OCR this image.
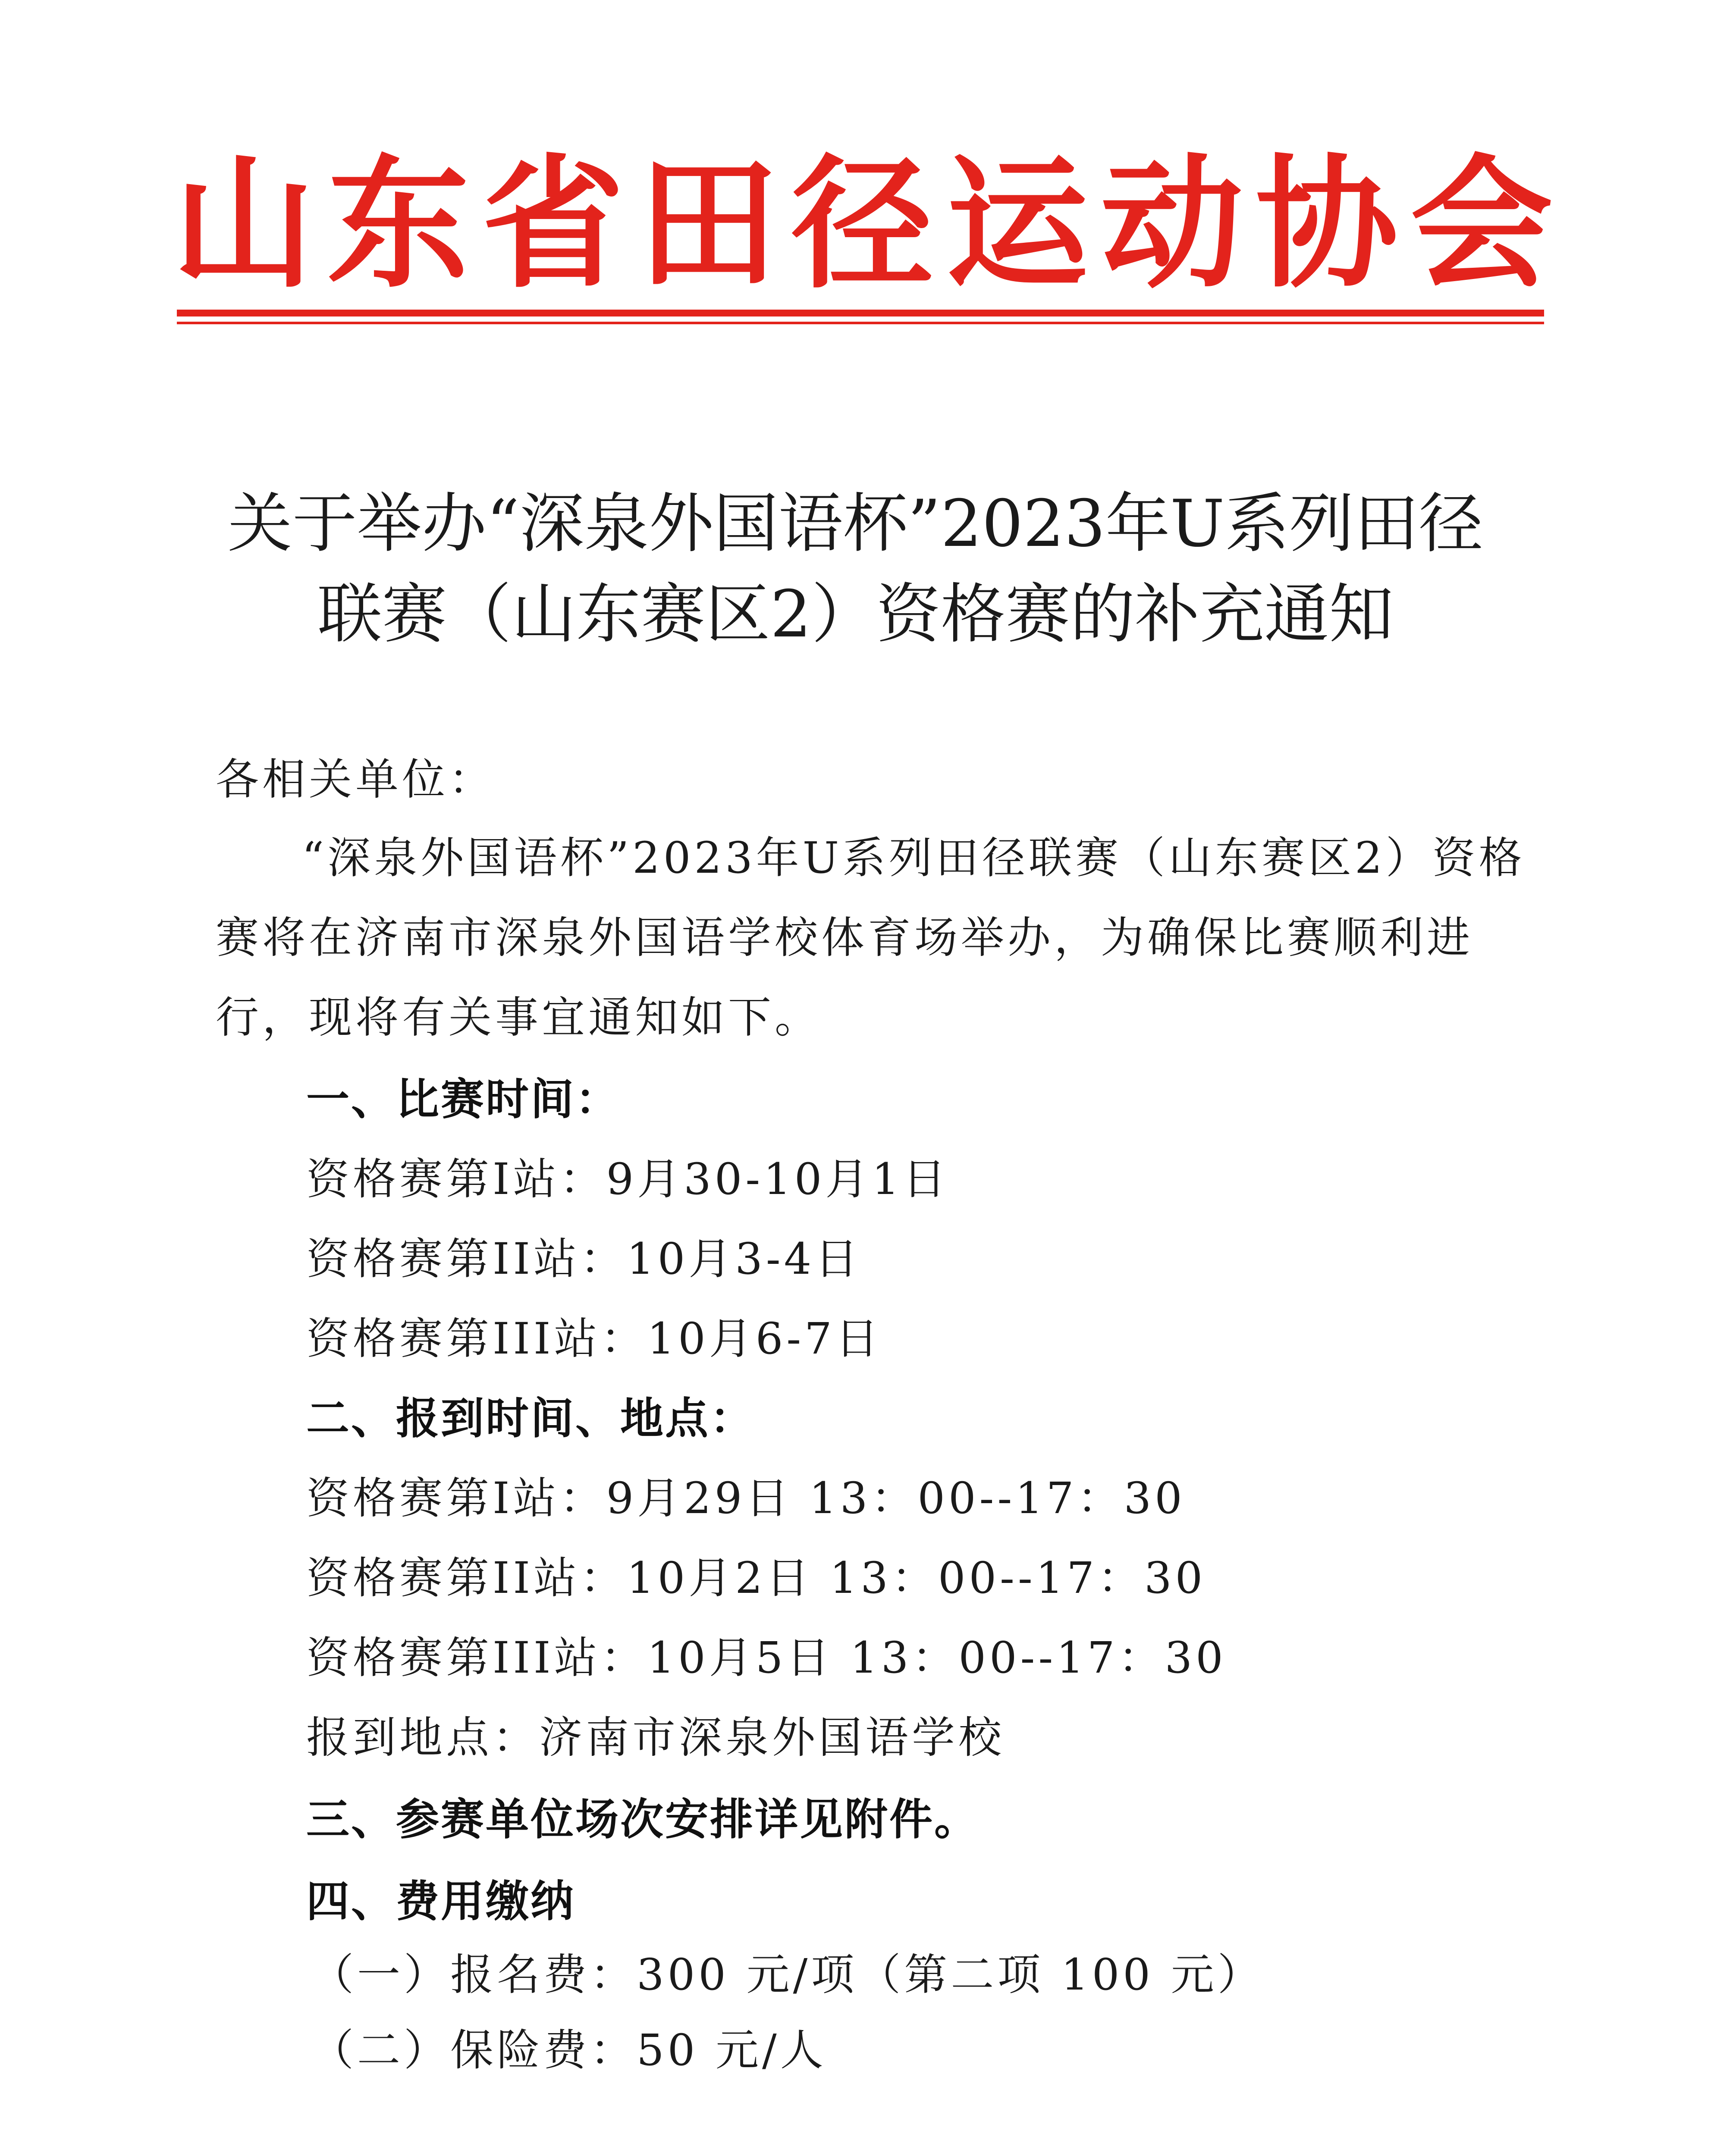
山 东 省 田 径 运 动 协 会
关于举办“深泉外国语杯”2023年U系列田径
联赛（山东赛区2）资格赛的补充通知
各相关单位：
“深泉外国语杯”2023年U系列田径联赛（山东赛区2）资格
赛将在济南市深泉外国语学校体育场举办，为确保比赛顺利进
行，现将有关事宜通知如下。
一、比赛时间：
资格赛第I站：9月30-10月1日
资格赛第II站：10月3-4日
资格赛第III站：10月6-7日
二、报到时间、地点：
资格赛第I站：9月29日 13：00--17：30
资格赛第II站：10月2日 13：00--17：30
资格赛第III站：10月5日 13：00--17：30
报到地点：济南市深泉外国语学校
三、参赛单位场次安排详见附件。
四、费用缴纳
（一）报名费：300 元/项（第二项 100 元）
（二）保险费：50 元/人
